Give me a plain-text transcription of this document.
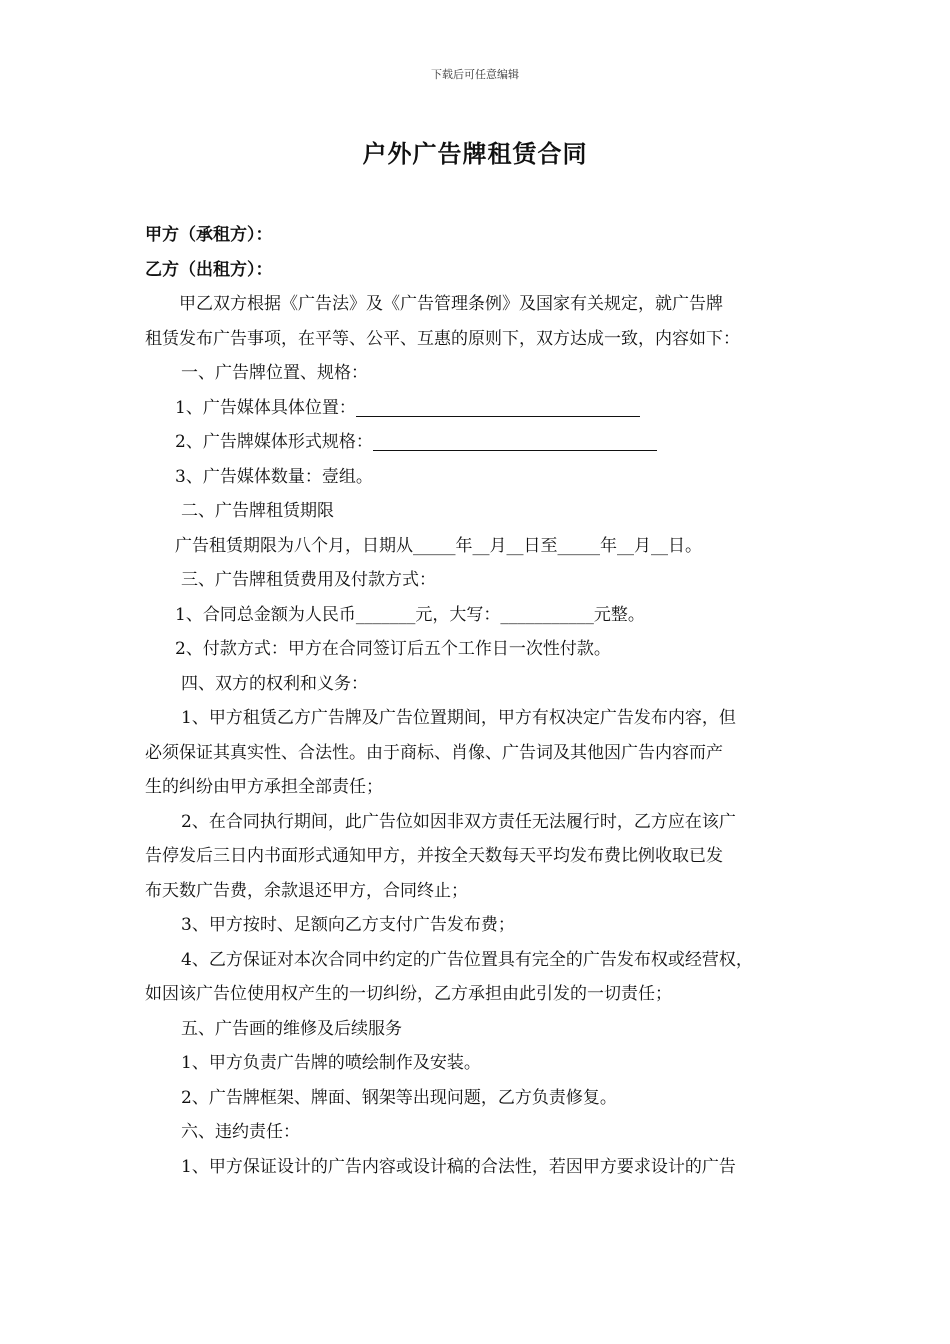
下载后可任意编辑
户外广告牌租赁合同
甲方（承租方）：
乙方（出租方）：
甲乙双方根据《广告法》及《广告管理条例》及国家有关规定，就广告牌
租赁发布广告事项，在平等、公平、互惠的原则下，双方达成一致，内容如下：
一、广告牌位置、规格：
1、广告媒体具体位置：
2、广告牌媒体形式规格：
3、广告媒体数量：壹组。
二、广告牌租赁期限
广告租赁期限为八个月，日期从_____年__月__日至_____年__月__日。
三、广告牌租赁费用及付款方式：
1、合同总金额为人民币_______元，大写：___________元整。
2、付款方式：甲方在合同签订后五个工作日一次性付款。
四、双方的权利和义务：
1、甲方租赁乙方广告牌及广告位置期间，甲方有权决定广告发布内容，但
必须保证其真实性、合法性。由于商标、肖像、广告词及其他因广告内容而产
生的纠纷由甲方承担全部责任；
2、在合同执行期间，此广告位如因非双方责任无法履行时，乙方应在该广
告停发后三日内书面形式通知甲方，并按全天数每天平均发布费比例收取已发
布天数广告费，余款退还甲方，合同终止；
3、甲方按时、足额向乙方支付广告发布费；
4、乙方保证对本次合同中约定的广告位置具有完全的广告发布权或经营权，
如因该广告位使用权产生的一切纠纷，乙方承担由此引发的一切责任；
五、广告画的维修及后续服务
1、甲方负责广告牌的喷绘制作及安装。
2、广告牌框架、牌面、钢架等出现问题，乙方负责修复。
六、违约责任：
1、甲方保证设计的广告内容或设计稿的合法性，若因甲方要求设计的广告
